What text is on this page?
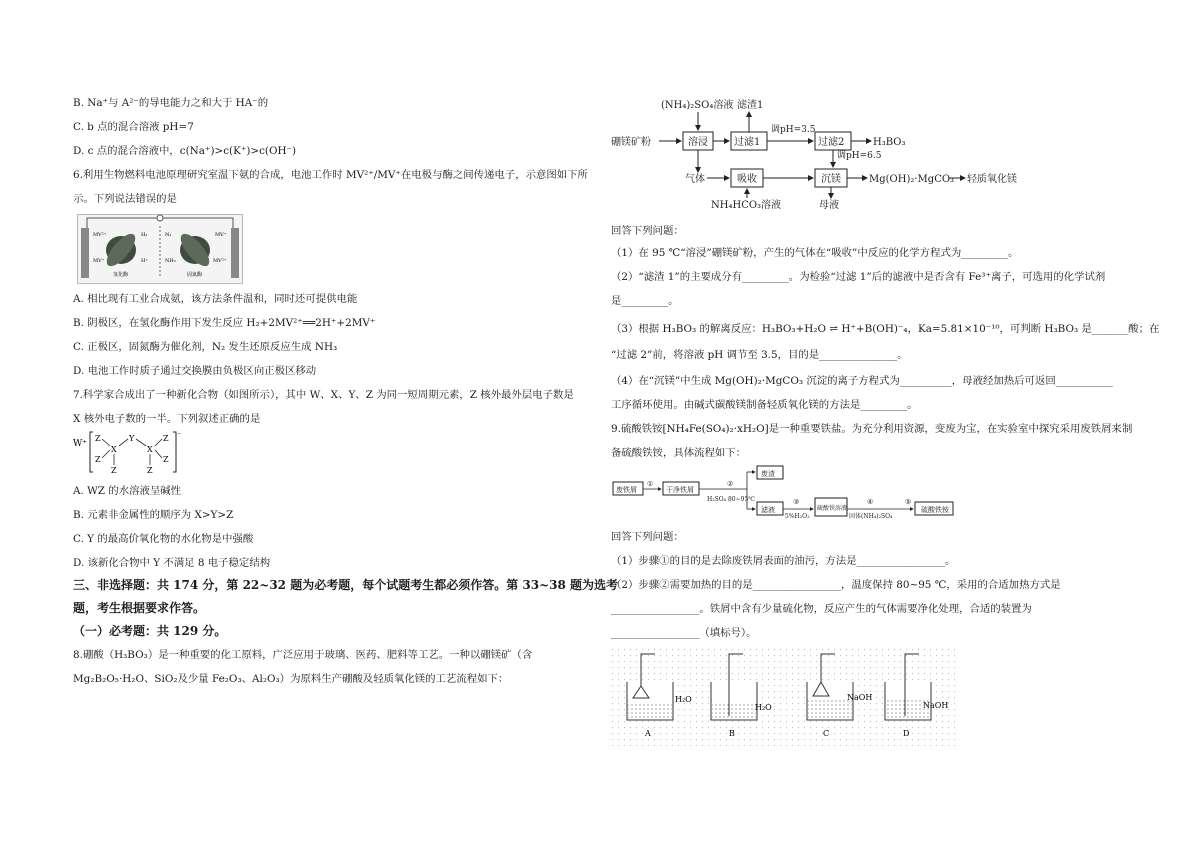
B. Na⁺与 A²⁻的导电能力之和大于 HA⁻的
C. b 点的混合溶液 pH=7
D. c 点的混合溶液中，c(Na⁺)>c(K⁺)>c(OH⁻)
6.利用生物燃料电池原理研究室温下氨的合成，电池工作时 MV²⁺/MV⁺在电极与酶之间传递电子，示意图如下所
示。下列说法错误的是
MV²⁺	H₂
MV⁺	H⁺
氢化酶
N₂
NH₃
固氮酶
MV⁺
MV²⁺
A. 相比现有工业合成氨，该方法条件温和，同时还可提供电能
B. 阴极区，在氢化酶作用下发生反应 H₂+2MV²⁺══2H⁺+2MV⁺
C. 正极区，固氮酶为催化剂，N₂ 发生还原反应生成 NH₃
D. 电池工作时质子通过交换膜由负极区向正极区移动
7.科学家合成出了一种新化合物（如图所示），其中 W、X、Y、Z 为同一短周期元素，Z 核外最外层电子数是
X 核外电子数的一半。下列叙述正确的是
W⁺
⁻
Z
Z
X
Z
Y
X
Z
Z
Z
A. WZ 的水溶液呈碱性
B. 元素非金属性的顺序为 X>Y>Z
C. Y 的最高价氧化物的水化物是中强酸
D. 该新化合物中 Y 不满足 8 电子稳定结构
三、非选择题：共 174 分，第 22~32 题为必考题，每个试题考生都必须作答。第 33~38 题为选考
题，考生根据要求作答。
（一）必考题：共 129 分。
8.硼酸（H₃BO₃）是一种重要的化工原料，广泛应用于玻璃、医药、肥料等工艺。一种以硼镁矿（含
Mg₂B₂O₅·H₂O、SiO₂及少量 Fe₂O₃、Al₂O₃）为原料生产硼酸及轻质氧化镁的工艺流程如下：
(NH₄)₂SO₄溶液 滤渣1
硼镁矿粉	溶浸	过滤1
调pH=3.5
过滤2	H₃BO₃
调pH=6.5
气体	吸收	沉镁	Mg(OH)₂·MgCO₃ 轻质氧化镁
NH₄HCO₃溶液	母液
回答下列问题：
（1）在 95 ℃“溶浸”硼镁矿粉，产生的气体在“吸收”中反应的化学方程式为_________。
（2）“滤渣 1”的主要成分有_________。为检验“过滤 1”后的滤液中是否含有 Fe³⁺离子，可选用的化学试剂
是_________。
（3）根据 H₃BO₃ 的解离反应：H₃BO₃+H₂O ⇌ H⁺+B(OH)⁻₄，Ka=5.81×10⁻¹⁰，可判断 H₃BO₃ 是_______酸；在
“过滤 2”前，将溶液 pH 调节至 3.5，目的是_______________。
（4）在“沉镁”中生成 Mg(OH)₂·MgCO₃ 沉淀的离子方程式为__________，母液经加热后可返回___________
工序循环使用。由碱式碳酸镁制备轻质氧化镁的方法是_________。
9.硫酸铁铵[NH₄Fe(SO₄)₂·xH₂O]是一种重要铁盐。为充分利用资源，变废为宝，在实验室中探究采用废铁屑来制
备硫酸铁铵，具体流程如下：
废铁屑
①
干净铁屑
②
H₂SO₄ 80~95℃
废渣
滤液
③
5%H₂O₂
硫酸铁溶液
④
固体(NH₄)₂SO₄
⑤
硫酸铁铵
回答下列问题：
（1）步骤①的目的是去除废铁屑表面的油污，方法是_________________。
（2）步骤②需要加热的目的是_________________，温度保持 80~95 ℃，采用的合适加热方式是
_________________。铁屑中含有少量硫化物，反应产生的气体需要净化处理，合适的装置为
_________________（填标号）。
H₂O
A
H₂O
B
NaOH
C
NaOH
D
